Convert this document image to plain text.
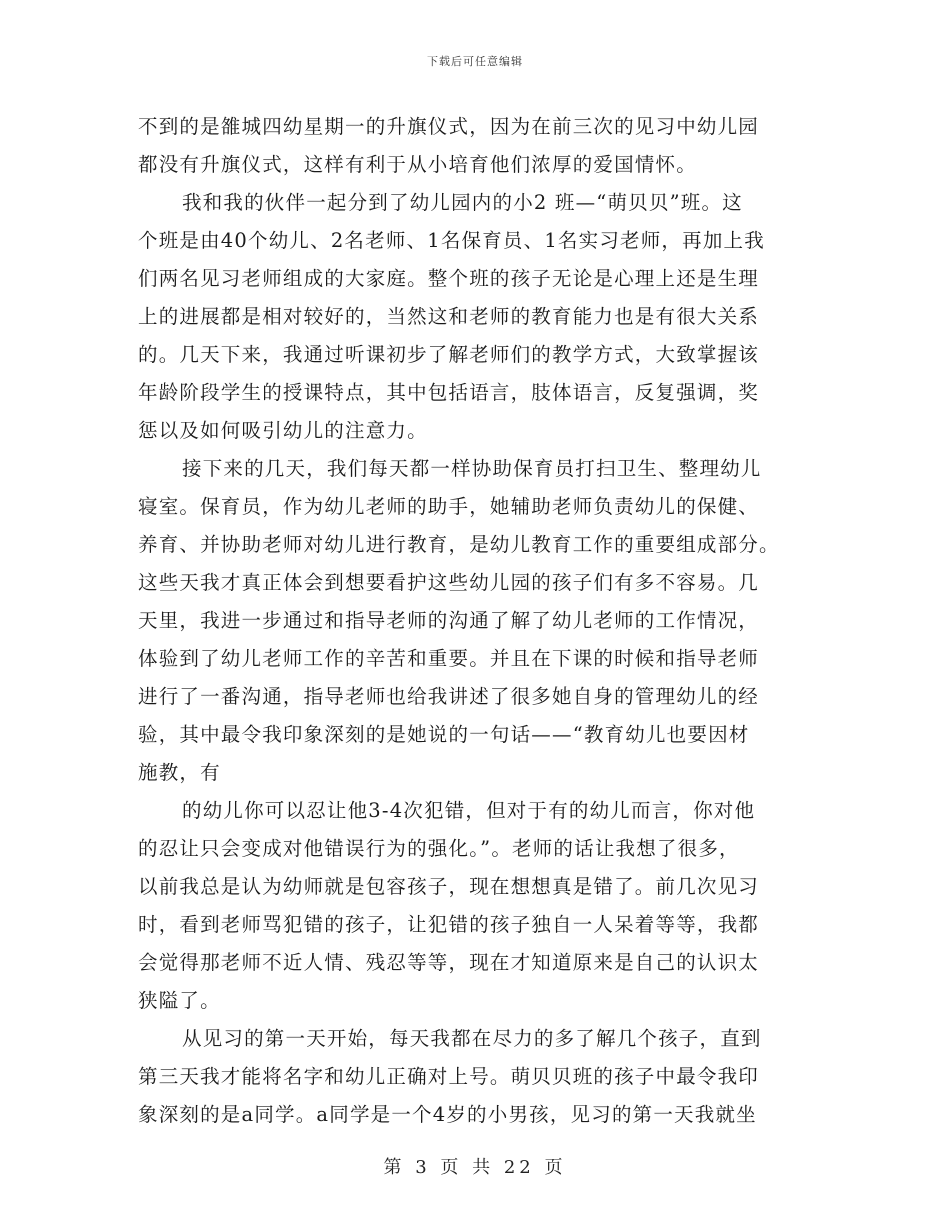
下载后可任意编辑
不到的是雒城四幼星期一的升旗仪式，因为在前三次的见习中幼儿园
都没有升旗仪式，这样有利于从小培育他们浓厚的爱国情怀。
我和我的伙伴一起分到了幼儿园内的小2 班—“萌贝贝”班。这
个班是由40个幼儿、2名老师、1名保育员、1名实习老师，再加上我
们两名见习老师组成的大家庭。整个班的孩子无论是心理上还是生理
上的进展都是相对较好的，当然这和老师的教育能力也是有很大关系
的。几天下来，我通过听课初步了解老师们的教学方式，大致掌握该
年龄阶段学生的授课特点，其中包括语言，肢体语言，反复强调，奖
惩以及如何吸引幼儿的注意力。
接下来的几天，我们每天都一样协助保育员打扫卫生、整理幼儿
寝室。保育员，作为幼儿老师的助手，她辅助老师负责幼儿的保健、
养育、并协助老师对幼儿进行教育，是幼儿教育工作的重要组成部分。
这些天我才真正体会到想要看护这些幼儿园的孩子们有多不容易。几
天里，我进一步通过和指导老师的沟通了解了幼儿老师的工作情况，
体验到了幼儿老师工作的辛苦和重要。并且在下课的时候和指导老师
进行了一番沟通，指导老师也给我讲述了很多她自身的管理幼儿的经
验，其中最令我印象深刻的是她说的一句话——“教育幼儿也要因材
施教，有
的幼儿你可以忍让他3-4次犯错，但对于有的幼儿而言，你对他
的忍让只会变成对他错误行为的强化。”。老师的话让我想了很多，
以前我总是认为幼师就是包容孩子，现在想想真是错了。前几次见习
时，看到老师骂犯错的孩子，让犯错的孩子独自一人呆着等等，我都
会觉得那老师不近人情、残忍等等，现在才知道原来是自己的认识太
狭隘了。
从见习的第一天开始，每天我都在尽力的多了解几个孩子，直到
第三天我才能将名字和幼儿正确对上号。萌贝贝班的孩子中最令我印
象深刻的是a同学。a同学是一个4岁的小男孩，见习的第一天我就坐
第 3 页 共 22 页
